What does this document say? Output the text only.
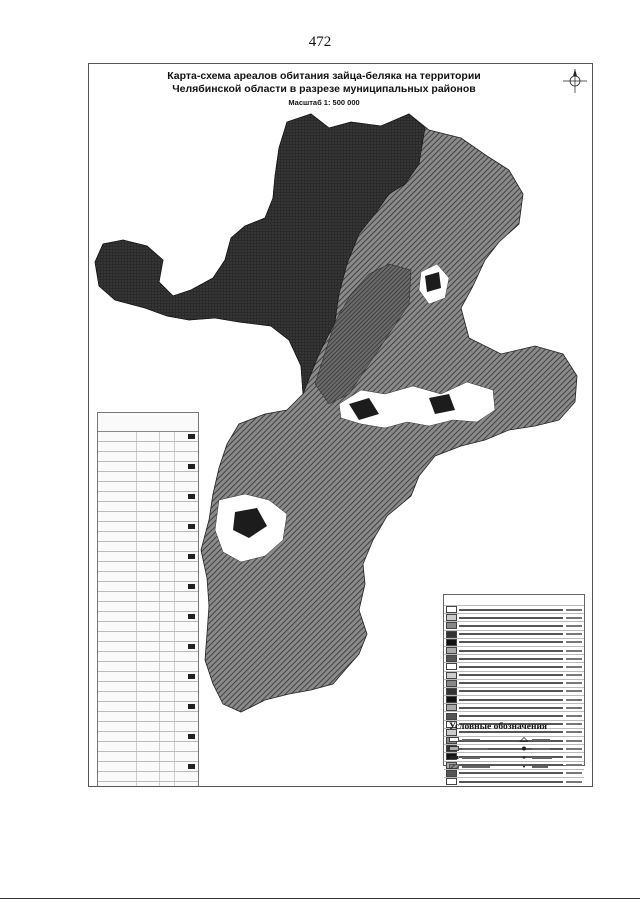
472
Карта-схема ареалов обитания зайца-беляка на территории
Челябинской области в разрезе муниципальных районов
Масштаб 1: 500 000

Условные обозначения
